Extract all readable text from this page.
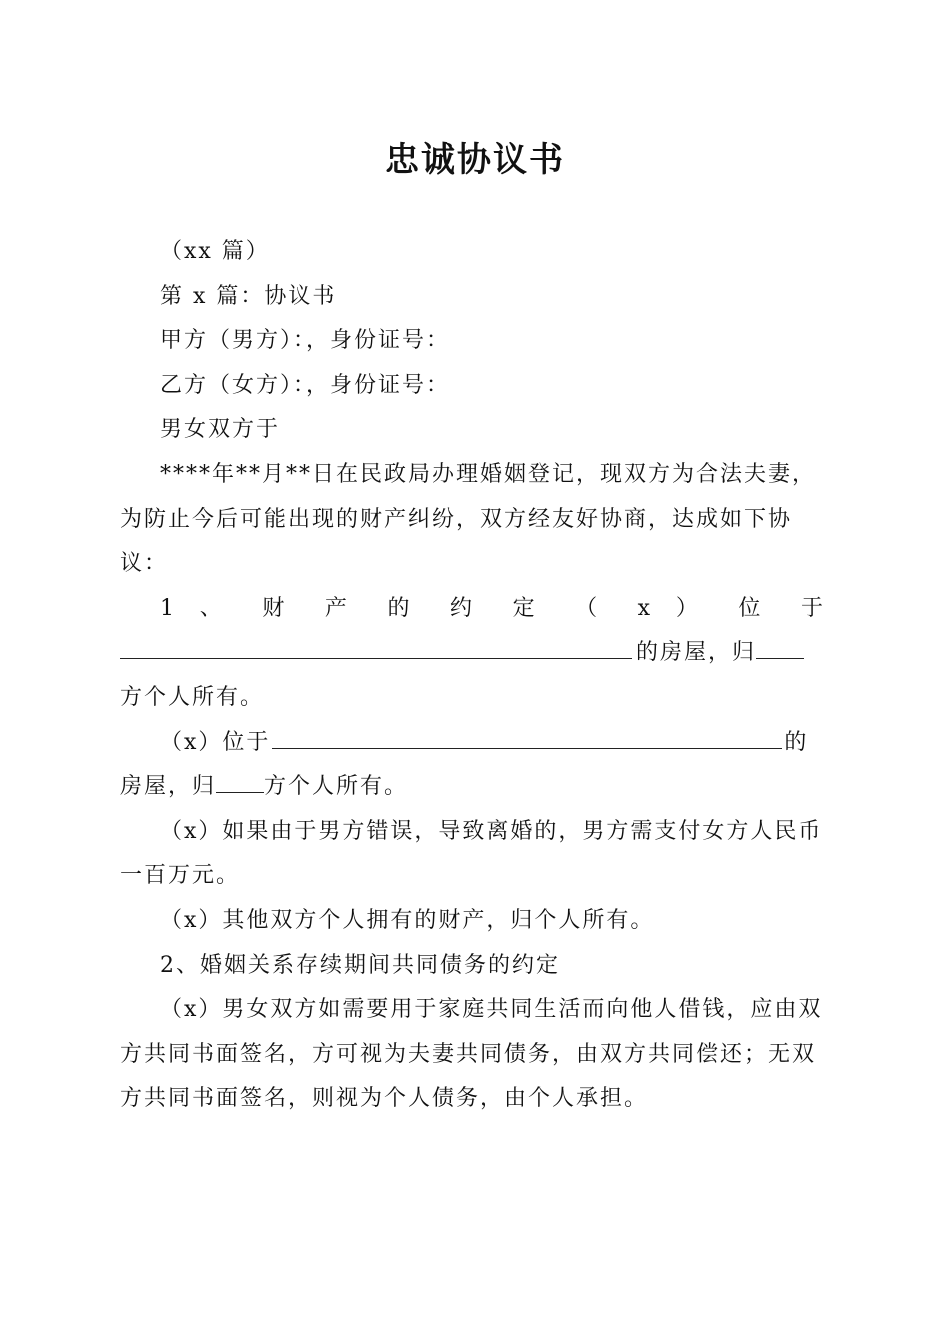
忠诚协议书

（xx 篇）

第 x 篇：协议书

甲方（男方）：，身份证号：

乙方（女方）：，身份证号：

男女双方于

****年**月**日在民政局办理婚姻登记，现双方为合法夫妻，为防止今后可能出现的财产纠纷，双方经友好协商，达成如下协议：

1 、 财 产 的 约 定 （ x ） 位 于

的房屋，归

方个人所有。

（x）位于	的

房屋，归 方个人所有。

（x）如果由于男方错误，导致离婚的，男方需支付女方人民币一百万元。

（x）其他双方个人拥有的财产，归个人所有。

2、婚姻关系存续期间共同债务的约定

（x）男女双方如需要用于家庭共同生活而向他人借钱，应由双方共同书面签名，方可视为夫妻共同债务，由双方共同偿还；无双方共同书面签名，则视为个人债务，由个人承担。
